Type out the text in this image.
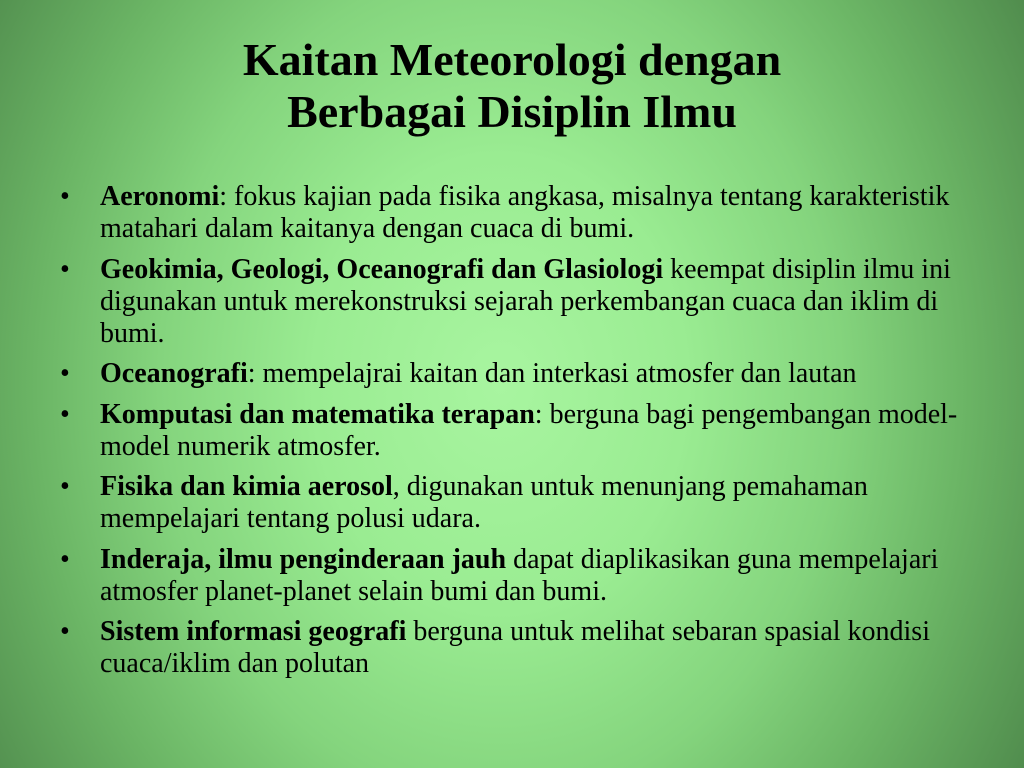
Kaitan Meteorologi dengan
Berbagai Disiplin Ilmu
• Aeronomi: fokus kajian pada fisika angkasa, misalnya tentang karakteristik matahari dalam kaitanya dengan cuaca di bumi.
• Geokimia, Geologi, Oceanografi dan Glasiologi keempat disiplin ilmu ini digunakan untuk merekonstruksi sejarah perkembangan cuaca dan iklim di bumi.
• Oceanografi: mempelajrai kaitan dan interkasi atmosfer dan lautan
• Komputasi dan matematika terapan: berguna bagi pengembangan model-model numerik atmosfer.
• Fisika dan kimia aerosol, digunakan untuk menunjang pemahaman mempelajari tentang polusi udara.
• Inderaja, ilmu penginderaan jauh dapat diaplikasikan guna mempelajari atmosfer planet-planet selain bumi dan bumi.
• Sistem informasi geografi berguna untuk melihat sebaran spasial kondisi cuaca/iklim dan polutan
